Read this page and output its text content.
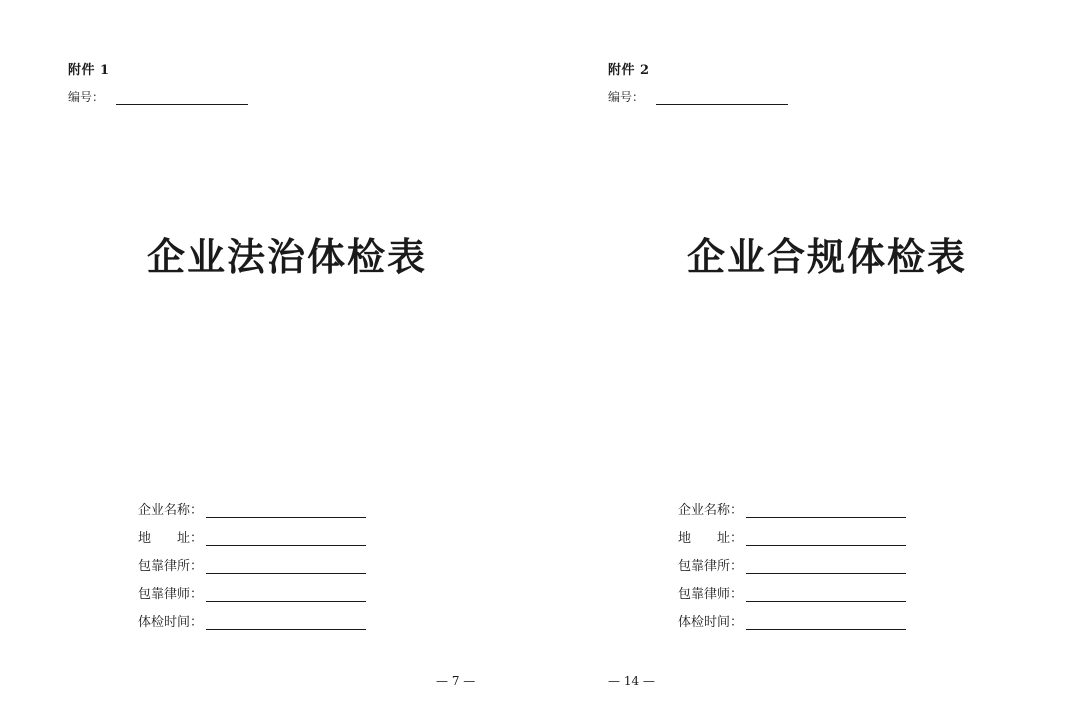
附件 1
编号：
企业法治体检表
企业名称：
地　　址：
包靠律所：
包靠律师：
体检时间：
— 7 —
附件 2
编号：
企业合规体检表
企业名称：
地　　址：
包靠律所：
包靠律师：
体检时间：
— 14 —
